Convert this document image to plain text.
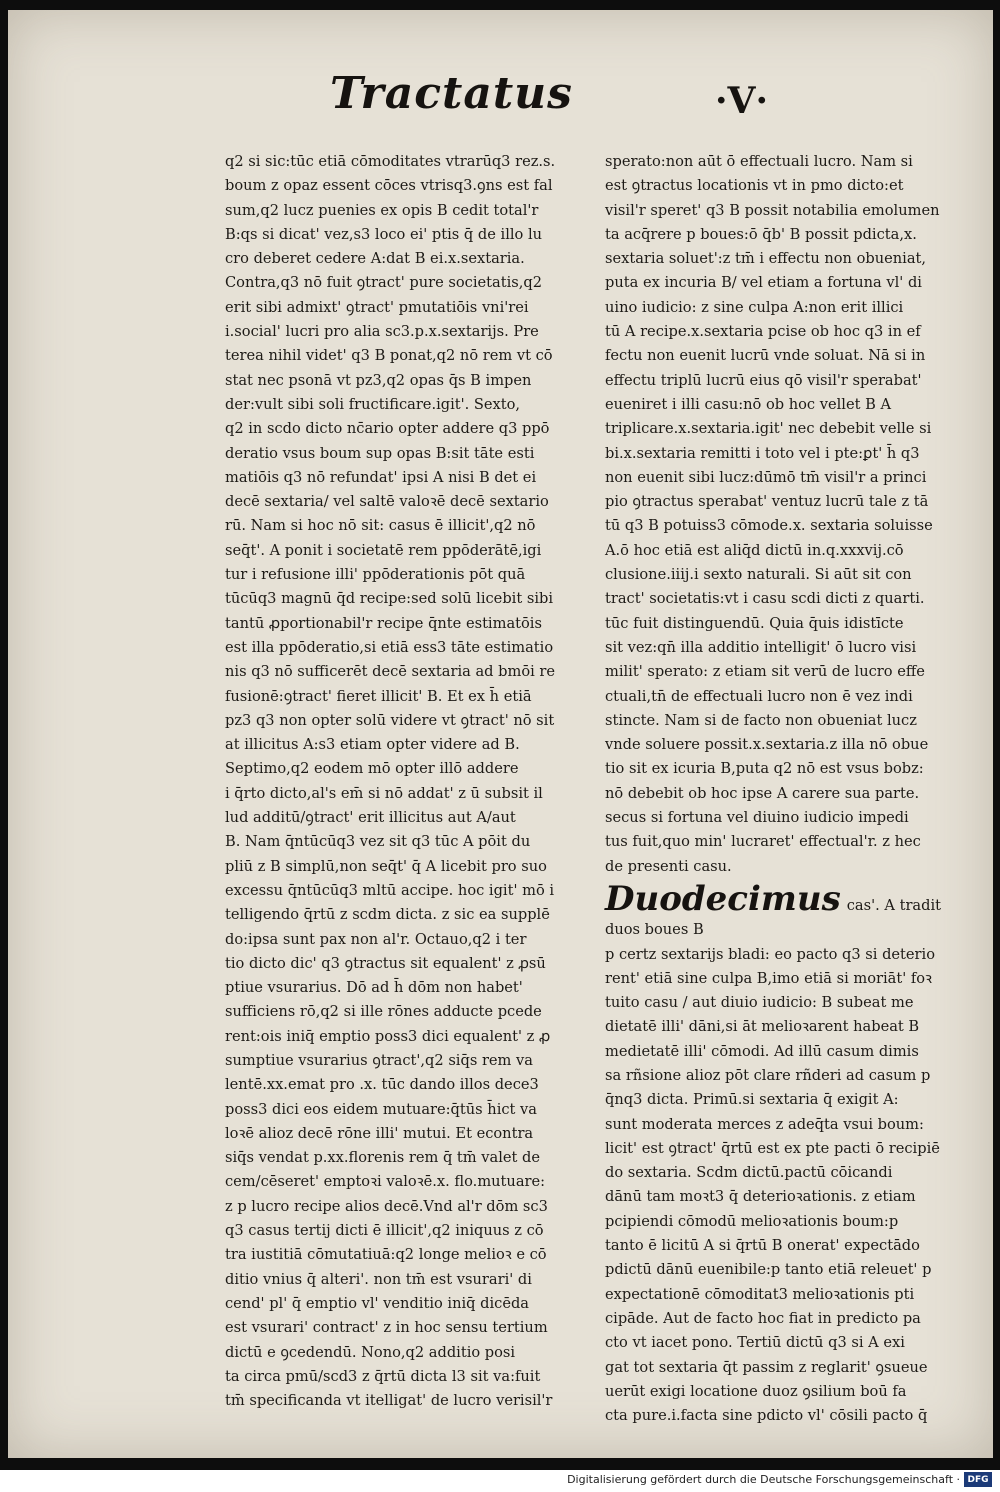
Tractatus	·V·

q2 si sic:tūc etiā cōmoditates vtrarūq3 rez.s.

boum z opaz essent cōces vtrisq3.ꝯns est fal

sum,q2 lucz puenies ex opis B cedit total'r

B:qs si dicat' vez,s3 loco ei' ptis q̄ de illo lu

cro deberet cedere A:dat B ei.x.sextaria.

Contra,q3 nō fuit ꝯtract' pure societatis,q2

erit sibi admixt' ꝯtract' pmutatiōis vni'rei

i.social' lucri pro alia sc3.p.x.sextarijs. Pre

terea nihil videt' q3 B ponat,q2 nō rem vt cō

stat nec psonā vt pz3,q2 opas q̄s B impen

der:vult sibi soli fructificare.igit'. Sexto,

q2 in scdo dicto nc̄ario opter addere q3 ppō

deratio vsus boum sup opas B:sit tāte esti

matiōis q3 nō refundat' ipsi A nisi B det ei

decē sextaria/ vel saltē valoꝛē decē sextario

rū. Nam si hoc nō sit: casus ē illicit',q2 nō

seq̄t'. A ponit i societatē rem ppōderātē,igi

tur i refusione illi' ppōderationis pōt quā

tūcūq3 magnū q̄d recipe:sed solū licebit sibi

tantū ꝓportionabil'r recipe q̄nte estimatōis

est illa ppōderatio,si etiā ess3 tāte estimatio

nis q3 nō sufficerēt decē sextaria ad bmōi re

fusionē:ꝯtract' fieret illicit' B. Et ex h̄ etiā

pz3 q3 non opter solū videre vt ꝯtract' nō sit

at illicitus A:s3 etiam opter videre ad B.

Septimo,q2 eodem mō opter illō addere

i q̄rto dicto,al's em̄ si nō addat' z ū subsit il

lud additū/ꝯtract' erit illicitus aut A/aut

B. Nam q̄ntūcūq3 vez sit q3 tūc A pōit du

pliū z B simplū,non seq̄t' q̄ A licebit pro suo

excessu q̄ntūcūq3 mltū accipe. hoc igit' mō i

telligendo q̄rtū z scdm dicta. z sic ea supplē

do:ipsa sunt pax non al'r. Octauo,q2 i ter

tio dicto dic' q3 ꝯtractus sit equalent' z ꝓsū

ptiue vsurarius. Dō ad h̄ dōm non habet'

sufficiens rō,q2 si ille rōnes adducte pcede

rent:ois iniq̄ emptio poss3 dici equalent' z ꝓ

sumptiue vsurarius ꝯtract',q2 siq̄s rem va

lentē.xx.emat pro .x. tūc dando illos dece3

poss3 dici eos eidem mutuare:q̄tūs h̄ict va

loꝛē alioz decē rōne illi' mutui. Et econtra

siq̄s vendat p.xx.florenis rem q̄ tm̄ valet de

cem/cēseret' emptoꝛi valoꝛē.x. flo.mutuare:

z p lucro recipe alios decē.Vnd al'r dōm sc3

q3 casus tertij dicti ē illicit',q2 iniquus z cō

tra iustitiā cōmutatiuā:q2 longe melioꝛ e cō

ditio vnius q̄ alteri'. non tm̄ est vsurari' di

cend' pl' q̄ emptio vl' venditio iniq̄ dicēda

est vsurari' contract' z in hoc sensu tertium

dictū e ꝯcedendū. Nono,q2 additio posi

ta circa pmū/scd3 z q̄rtū dicta l3 sit va:fuit

tm̄ specificanda vt itelligat' de lucro verisil'r

sperato:non aūt ō effectuali lucro. Nam si

est ꝯtractus locationis vt in pmo dicto:et

visil'r speret' q3 B possit notabilia emolumen

ta acq̄rere p boues:ō q̄b' B possit pdicta,x.

sextaria soluet':z tm̄ i effectu non obueniat,

puta ex incuria B/ vel etiam a fortuna vl' di

uino iudicio: z sine culpa A:non erit illici

tū A recipe.x.sextaria pcise ob hoc q3 in ef

fectu non euenit lucrū vnde soluat. Nā si in

effectu triplū lucrū eius qō visil'r sperabat'

eueniret i illi casu:nō ob hoc vellet B A

triplicare.x.sextaria.igit' nec debebit velle si

bi.x.sextaria remitti i toto vel i pte:ꝑt' h̄ q3

non euenit sibi lucz:dūmō tm̄ visil'r a princi

pio ꝯtractus sperabat' ventuz lucrū tale z tā

tū q3 B potuiss3 cōmode.x. sextaria soluisse

A.ō hoc etiā est aliq̄d dictū in.q.xxxvij.cō

clusione.iiij.i sexto naturali. Si aūt sit con

tract' societatis:vt i casu scdi dicti z quarti.

tūc fuit distinguendū. Quia q̄uis idistīcte

sit vez:qn̄ illa additio intelligit' ō lucro visi

milit' sperato: z etiam sit verū de lucro effe

ctuali,tn̄ de effectuali lucro non ē vez indi

stincte. Nam si de facto non obueniat lucz

vnde soluere possit.x.sextaria.z illa nō obue

tio sit ex icuria B,puta q2 nō est vsus bobz:

nō debebit ob hoc ipse A carere sua parte.

secus si fortuna vel diuino iudicio impedi

tus fuit,quo min' lucraret' effectual'r. z hec

de presenti casu.

Duodecimus cas'. A tradit

duos boues B

p certz sextarijs bladi: eo pacto q3 si deterio

rent' etiā sine culpa B,imo etiā si moriāt' foꝛ

tuito casu / aut diuio iudicio: B subeat me

dietatē illi' dāni,si āt melioꝛarent habeat B

medietatē illi' cōmodi. Ad illū casum dimis

sa rñsione alioz pōt clare rñderi ad casum p

q̄nq3 dicta. Primū.si sextaria q̄ exigit A:

sunt moderata merces z adeq̄ta vsui boum:

licit' est ꝯtract' q̄rtū est ex pte pacti ō recipiē

do sextaria. Scdm dictū.pactū cōicandi

dānū tam moꝛt3 q̄ deterioꝛationis. z etiam

pcipiendi cōmodū melioꝛationis boum:p

tanto ē licitū A si q̄rtū B onerat' expectādo

pdictū dānū euenibile:p tanto etiā releuet' p

expectationē cōmoditat3 melioꝛationis pti

cipāde. Aut de facto hoc fiat in predicto pa

cto vt iacet pono. Tertiū dictū q3 si A exi

gat tot sextaria q̄t passim z reglarit' ꝯsueue

uerūt exigi locatione duoz ꝯsilium boū fa

cta pure.i.facta sine pdicto vl' cōsili pacto q̄

Digitalisierung gefördert durch die Deutsche Forschungsgemeinschaft · DFG
